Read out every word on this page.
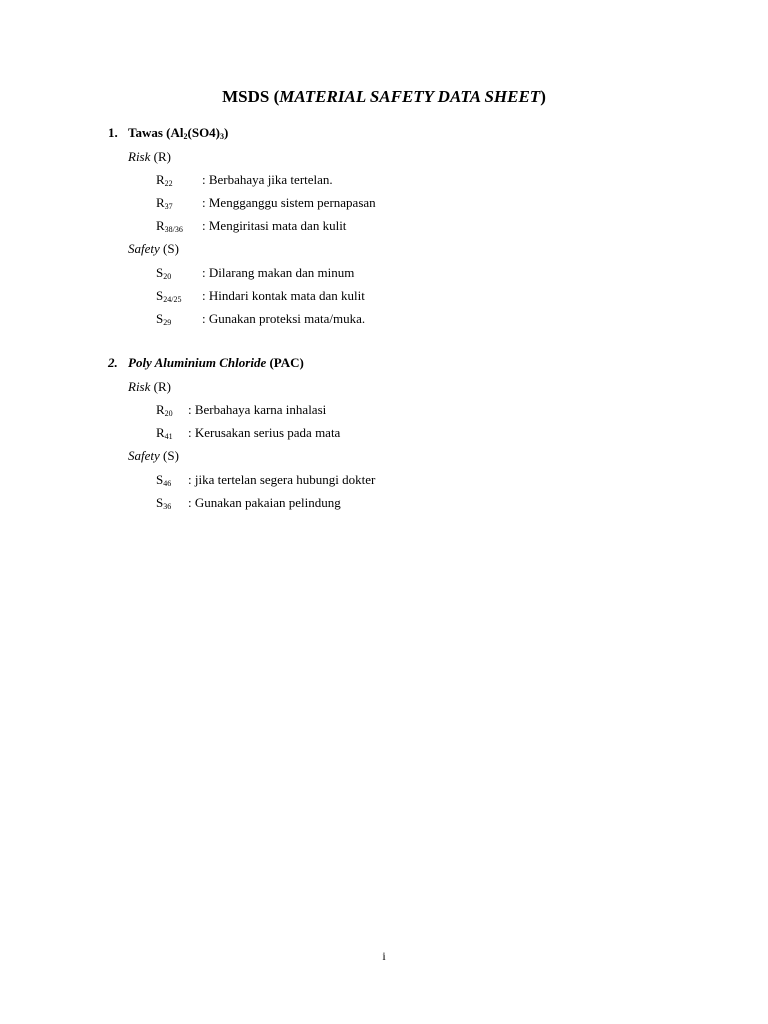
MSDS (MATERIAL SAFETY DATA SHEET)
1. Tawas $(Al_2(SO4)_3)$
Risk (R)
$R_{22}$ : Berbahaya jika tertelan.
$R_{37}$ : Mengganggu sistem pernapasan
$R_{38/36}$ : Mengiritasi mata dan kulit
Safety (S)
$S_{20}$ : Dilarang makan dan minum
$S_{24/25}$ : Hindari kontak mata dan kulit
$S_{29}$ : Gunakan proteksi mata/muka.
2. Poly Aluminium Chloride (PAC)
Risk (R)
$R_{20}$ : Berbahaya karna inhalasi
$R_{41}$ : Kerusakan serius pada mata
Safety (S)
$S_{46}$ : jika tertelan segera hubungi dokter
$S_{36}$ : Gunakan pakaian pelindung
i
